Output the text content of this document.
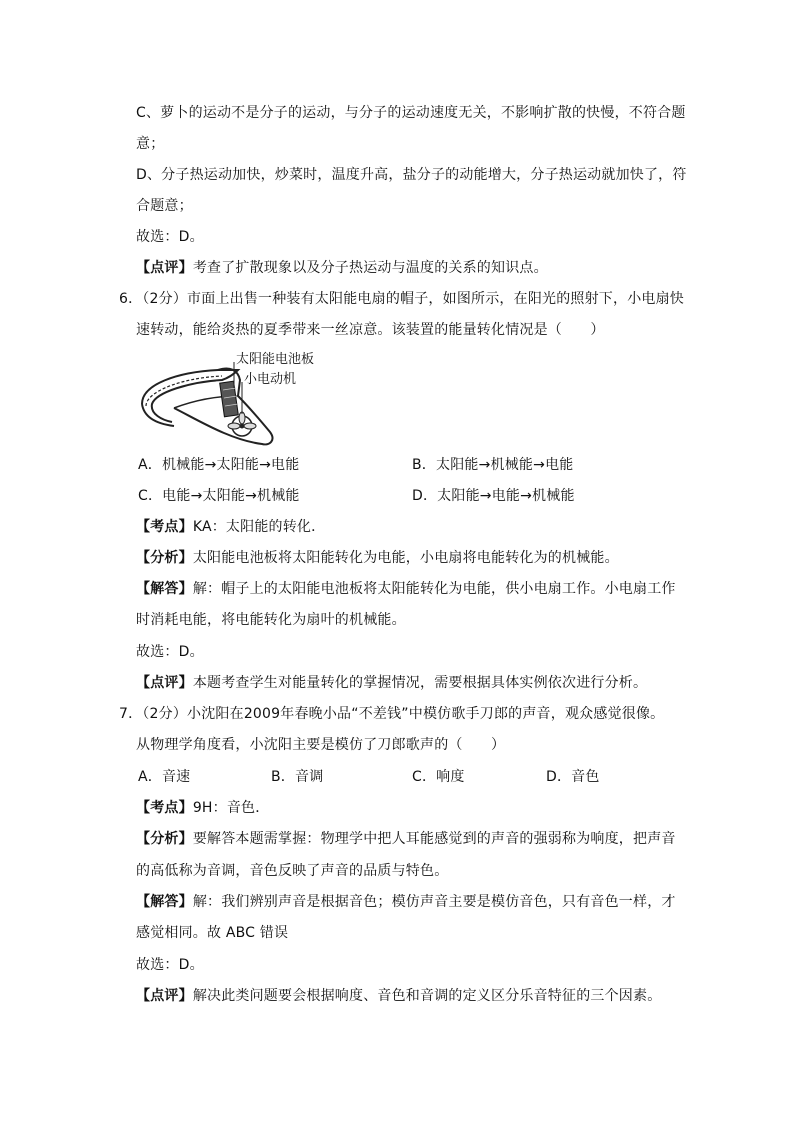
C、萝卜的运动不是分子的运动，与分子的运动速度无关，不影响扩散的快慢，不符合题
意；
D、分子热运动加快，炒菜时，温度升高，盐分子的动能增大，分子热运动就加快了，符
合题意；
故选：D。
【点评】考查了扩散现象以及分子热运动与温度的关系的知识点。
6．（2分）市面上出售一种装有太阳能电扇的帽子，如图所示，在阳光的照射下，小电扇快
速转动，能给炎热的夏季带来一丝凉意。该装置的能量转化情况是（　　）
太阳能电池板
小电动机
A．机械能→太阳能→电能	B．太阳能→机械能→电能
C．电能→太阳能→机械能	D．太阳能→电能→机械能
【考点】KA：太阳能的转化．
【分析】太阳能电池板将太阳能转化为电能，小电扇将电能转化为的机械能。
【解答】解：帽子上的太阳能电池板将太阳能转化为电能，供小电扇工作。小电扇工作
时消耗电能，将电能转化为扇叶的机械能。
故选：D。
【点评】本题考查学生对能量转化的掌握情况，需要根据具体实例依次进行分析。
7．（2分）小沈阳在2009年春晚小品“不差钱”中模仿歌手刀郎的声音，观众感觉很像。
从物理学角度看，小沈阳主要是模仿了刀郎歌声的（　　）
A．音速	B．音调	C．响度	D．音色
【考点】9H：音色．
【分析】要解答本题需掌握：物理学中把人耳能感觉到的声音的强弱称为响度，把声音
的高低称为音调，音色反映了声音的品质与特色。
【解答】解：我们辨别声音是根据音色；模仿声音主要是模仿音色，只有音色一样，才
感觉相同。故 ABC 错误
故选：D。
【点评】解决此类问题要会根据响度、音色和音调的定义区分乐音特征的三个因素。
